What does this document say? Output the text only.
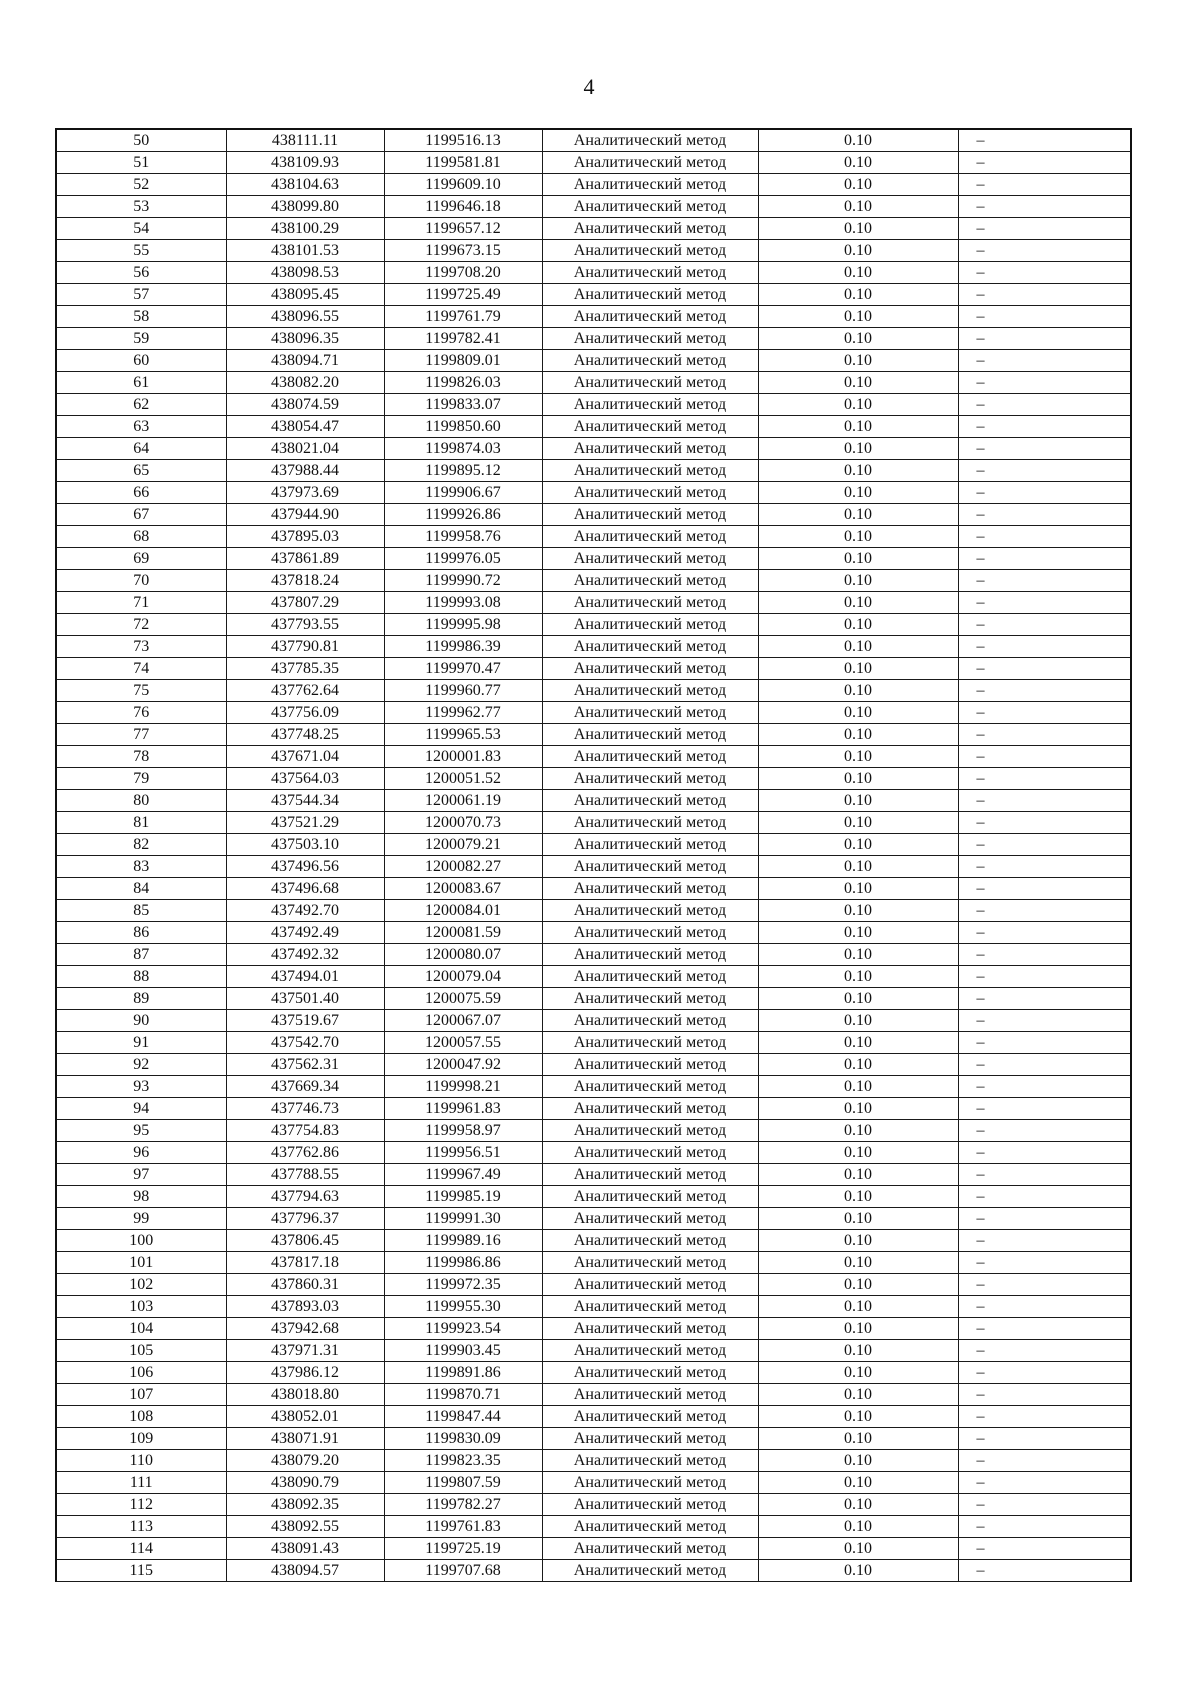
4
50	438111.11	1199516.13	Аналитический метод	0.10	–
51	438109.93	1199581.81	Аналитический метод	0.10	–
52	438104.63	1199609.10	Аналитический метод	0.10	–
53	438099.80	1199646.18	Аналитический метод	0.10	–
54	438100.29	1199657.12	Аналитический метод	0.10	–
55	438101.53	1199673.15	Аналитический метод	0.10	–
56	438098.53	1199708.20	Аналитический метод	0.10	–
57	438095.45	1199725.49	Аналитический метод	0.10	–
58	438096.55	1199761.79	Аналитический метод	0.10	–
59	438096.35	1199782.41	Аналитический метод	0.10	–
60	438094.71	1199809.01	Аналитический метод	0.10	–
61	438082.20	1199826.03	Аналитический метод	0.10	–
62	438074.59	1199833.07	Аналитический метод	0.10	–
63	438054.47	1199850.60	Аналитический метод	0.10	–
64	438021.04	1199874.03	Аналитический метод	0.10	–
65	437988.44	1199895.12	Аналитический метод	0.10	–
66	437973.69	1199906.67	Аналитический метод	0.10	–
67	437944.90	1199926.86	Аналитический метод	0.10	–
68	437895.03	1199958.76	Аналитический метод	0.10	–
69	437861.89	1199976.05	Аналитический метод	0.10	–
70	437818.24	1199990.72	Аналитический метод	0.10	–
71	437807.29	1199993.08	Аналитический метод	0.10	–
72	437793.55	1199995.98	Аналитический метод	0.10	–
73	437790.81	1199986.39	Аналитический метод	0.10	–
74	437785.35	1199970.47	Аналитический метод	0.10	–
75	437762.64	1199960.77	Аналитический метод	0.10	–
76	437756.09	1199962.77	Аналитический метод	0.10	–
77	437748.25	1199965.53	Аналитический метод	0.10	–
78	437671.04	1200001.83	Аналитический метод	0.10	–
79	437564.03	1200051.52	Аналитический метод	0.10	–
80	437544.34	1200061.19	Аналитический метод	0.10	–
81	437521.29	1200070.73	Аналитический метод	0.10	–
82	437503.10	1200079.21	Аналитический метод	0.10	–
83	437496.56	1200082.27	Аналитический метод	0.10	–
84	437496.68	1200083.67	Аналитический метод	0.10	–
85	437492.70	1200084.01	Аналитический метод	0.10	–
86	437492.49	1200081.59	Аналитический метод	0.10	–
87	437492.32	1200080.07	Аналитический метод	0.10	–
88	437494.01	1200079.04	Аналитический метод	0.10	–
89	437501.40	1200075.59	Аналитический метод	0.10	–
90	437519.67	1200067.07	Аналитический метод	0.10	–
91	437542.70	1200057.55	Аналитический метод	0.10	–
92	437562.31	1200047.92	Аналитический метод	0.10	–
93	437669.34	1199998.21	Аналитический метод	0.10	–
94	437746.73	1199961.83	Аналитический метод	0.10	–
95	437754.83	1199958.97	Аналитический метод	0.10	–
96	437762.86	1199956.51	Аналитический метод	0.10	–
97	437788.55	1199967.49	Аналитический метод	0.10	–
98	437794.63	1199985.19	Аналитический метод	0.10	–
99	437796.37	1199991.30	Аналитический метод	0.10	–
100	437806.45	1199989.16	Аналитический метод	0.10	–
101	437817.18	1199986.86	Аналитический метод	0.10	–
102	437860.31	1199972.35	Аналитический метод	0.10	–
103	437893.03	1199955.30	Аналитический метод	0.10	–
104	437942.68	1199923.54	Аналитический метод	0.10	–
105	437971.31	1199903.45	Аналитический метод	0.10	–
106	437986.12	1199891.86	Аналитический метод	0.10	–
107	438018.80	1199870.71	Аналитический метод	0.10	–
108	438052.01	1199847.44	Аналитический метод	0.10	–
109	438071.91	1199830.09	Аналитический метод	0.10	–
110	438079.20	1199823.35	Аналитический метод	0.10	–
111	438090.79	1199807.59	Аналитический метод	0.10	–
112	438092.35	1199782.27	Аналитический метод	0.10	–
113	438092.55	1199761.83	Аналитический метод	0.10	–
114	438091.43	1199725.19	Аналитический метод	0.10	–
115	438094.57	1199707.68	Аналитический метод	0.10	–
